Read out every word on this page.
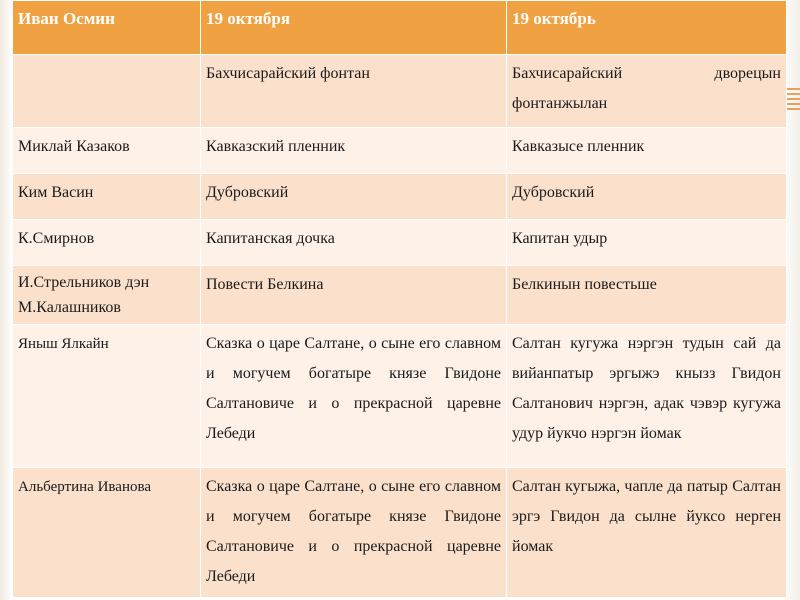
Иван Осмин	19 октября	19 октябрь
	Бахчисарайский фонтан	Бахчисарайский дворецын фонтанжылан
Миклай Казаков	Кавказский пленник	Кавказысе пленник
Ким Васин	Дубровский	Дубровский
К.Смирнов	Капитанская дочка	Капитан удыр
И.Стрельников дэн М.Калашников	Повести Белкина	Белкинын повестьше
Яныш Ялкайн	Сказка о царе Салтане, о сыне его славном и могучем богатыре князе Гвидоне Салтановиче и о прекрасной царевне Лебеди	Салтан кугужа нэргэн тудын сай да вийанпатыр эргыжэ кнызз Гвидон Салтанович нэргэн, адак чэвэр кугужа удур йукчо нэргэн йомак
Альбертина Иванова	Сказка о царе Салтане, о сыне его славном и могучем богатыре князе Гвидоне Салтановиче и о прекрасной царевне Лебеди	Салтан кугыжа, чапле да патыр Салтан эргэ Гвидон да сылне йуксо нерген йомак
